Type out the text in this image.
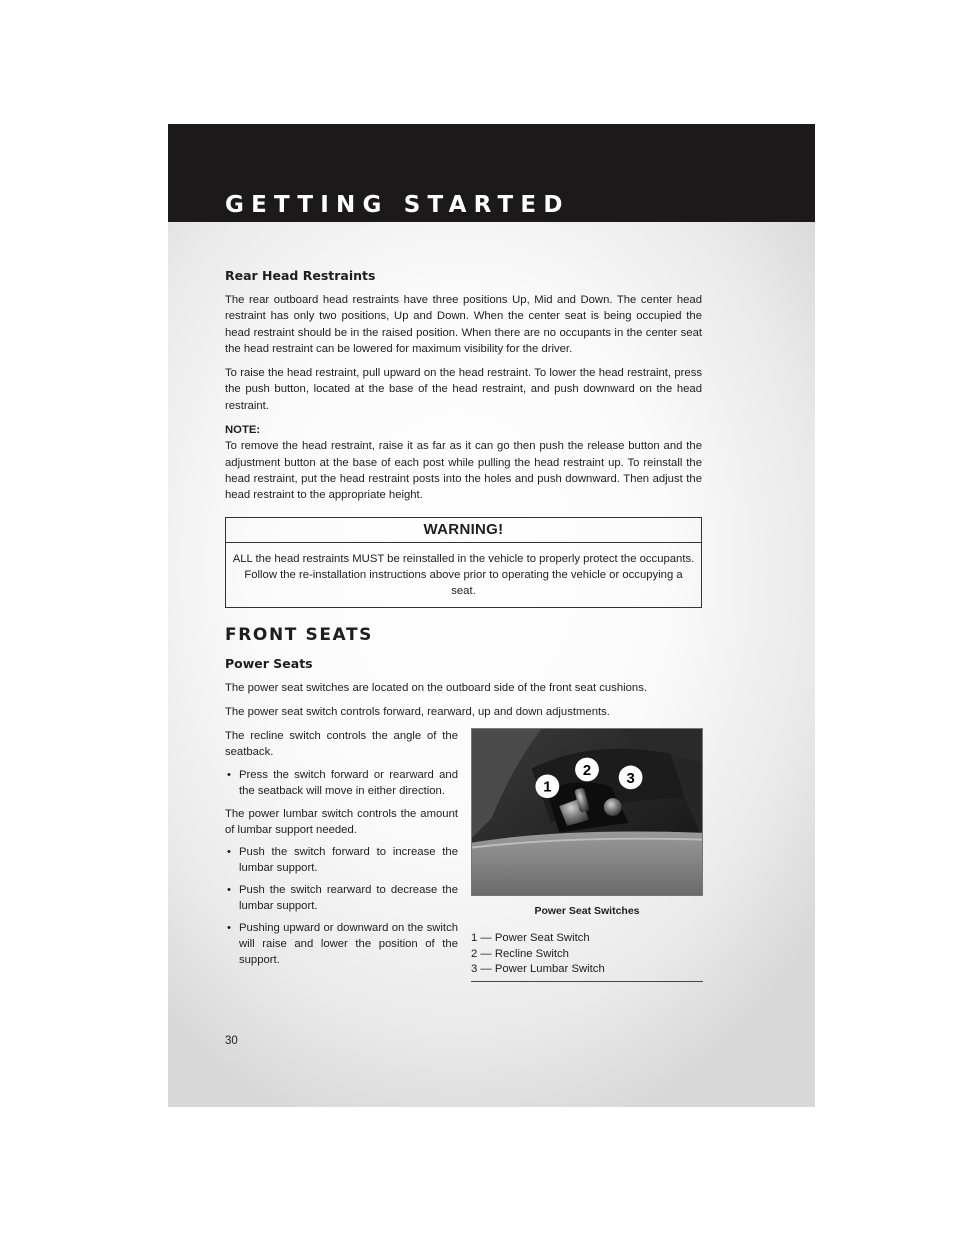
GETTING STARTED
Rear Head Restraints

The rear outboard head restraints have three positions Up, Mid and Down. The center head restraint has only two positions, Up and Down. When the center seat is being occupied the head restraint should be in the raised position. When there are no occupants in the center seat the head restraint can be lowered for maximum visibility for the driver.

To raise the head restraint, pull upward on the head restraint. To lower the head restraint, press the push button, located at the base of the head restraint, and push downward on the head restraint.

NOTE:

To remove the head restraint, raise it as far as it can go then push the release button and the adjustment button at the base of each post while pulling the head restraint up. To reinstall the head restraint, put the head restraint posts into the holes and push downward. Then adjust the head restraint to the appropriate height.

WARNING!
ALL the head restraints MUST be reinstalled in the vehicle to properly protect the occupants. Follow the re-installation instructions above prior to operating the vehicle or occupying a seat.
FRONT SEATS
Power Seats

The power seat switches are located on the outboard side of the front seat cushions.

The power seat switch controls forward, rearward, up and down adjustments.

The recline switch controls the angle of the seatback.

• Press the switch forward or rearward and the seatback will move in either direction.

The power lumbar switch controls the amount of lumbar support needed.

• Push the switch forward to increase the lumbar support.
• Push the switch rearward to decrease the lumbar support.
• Pushing upward or downward on the switch will raise and lower the position of the support.
1
2 3
Power Seat Switches
1 — Power Seat Switch
2 — Recline Switch
3 — Power Lumbar Switch
30
